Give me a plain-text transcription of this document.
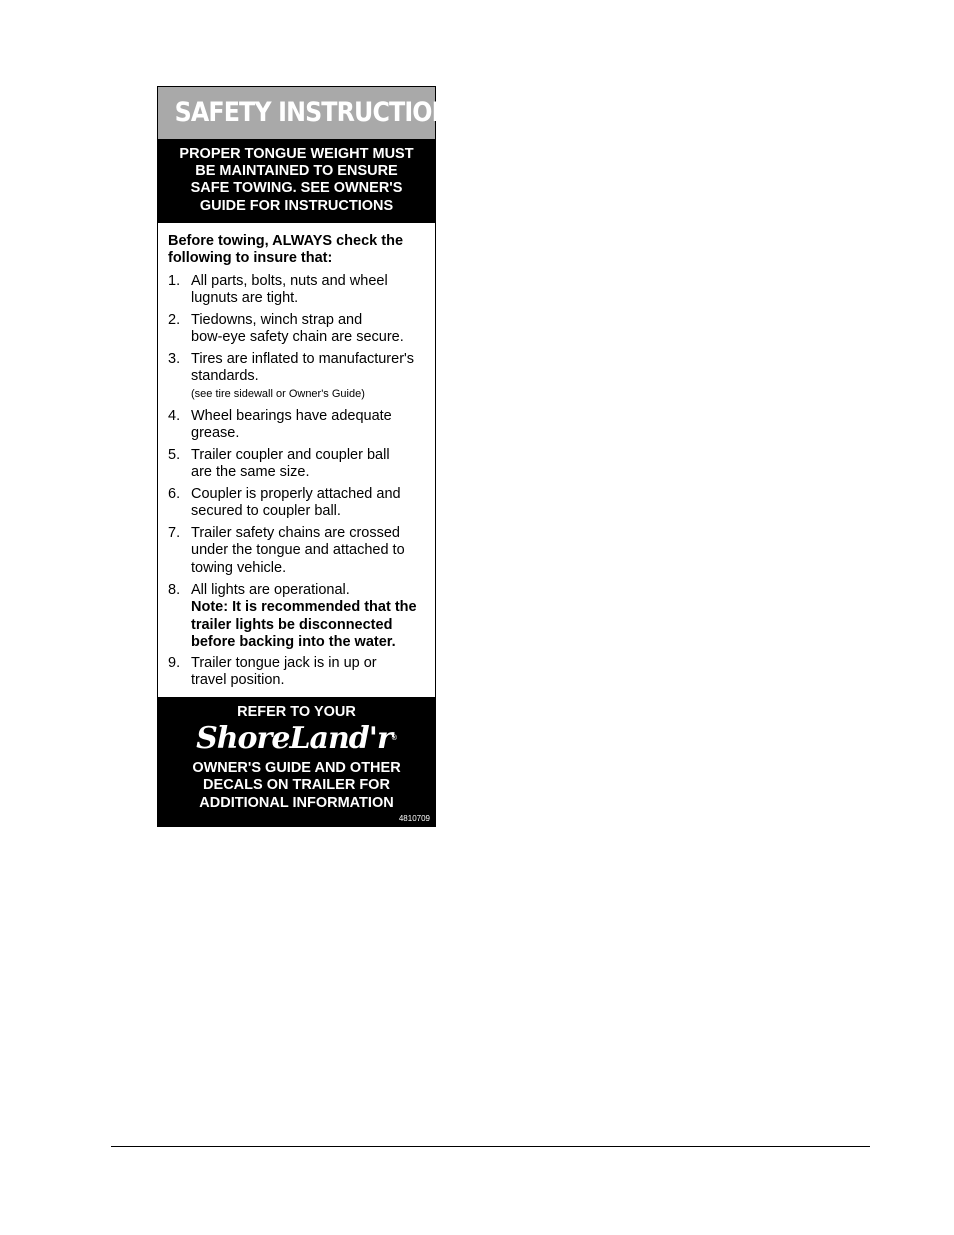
SAFETY INSTRUCTIONS
PROPER TONGUE WEIGHT MUST
BE MAINTAINED TO ENSURE
SAFE TOWING. SEE OWNER'S
GUIDE FOR INSTRUCTIONS
Before towing, ALWAYS check the
following to insure that:
1. All parts, bolts, nuts and wheel
lugnuts are tight.
2. Tiedowns, winch strap and
bow-eye safety chain are secure.
3. Tires are inflated to manufacturer's
standards.
(see tire sidewall or Owner's Guide)
4. Wheel bearings have adequate
grease.
5. Trailer coupler and coupler ball
are the same size.
6. Coupler is properly attached and
secured to coupler ball.
7. Trailer safety chains are crossed
under the tongue and attached to
towing vehicle.
8. All lights are operational.
Note: It is recommended that the
trailer lights be disconnected
before backing into the water.
9. Trailer tongue jack is in up or
travel position.
REFER TO YOUR
ShoreLand'r®
OWNER'S GUIDE AND OTHER
DECALS ON TRAILER FOR
ADDITIONAL INFORMATION
4810709
